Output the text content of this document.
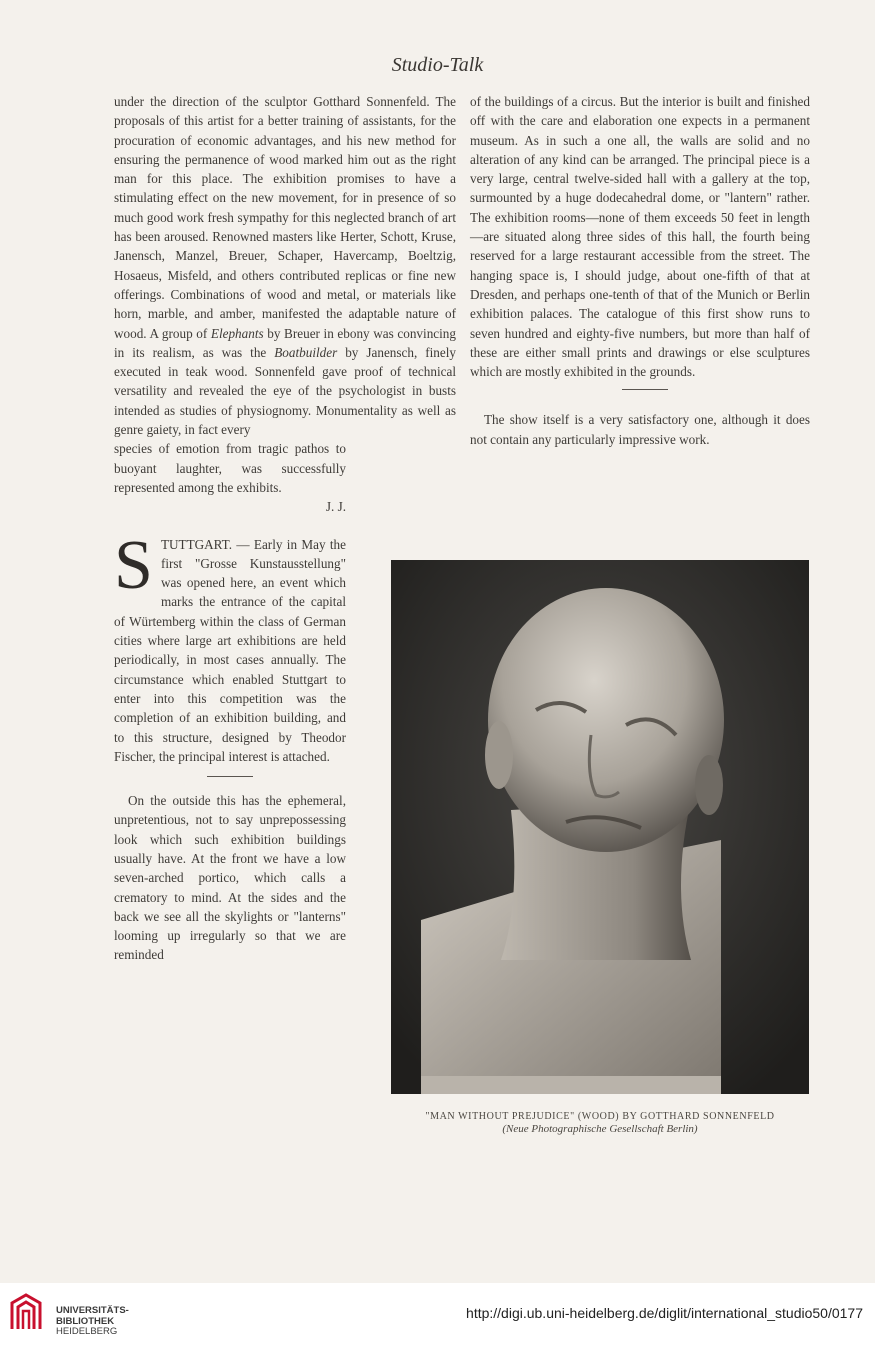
Studio-Talk

under the direction of the sculptor Gotthard Sonnenfeld. The proposals of this artist for a better training of assistants, for the procuration of economic advantages, and his new method for ensuring the permanence of wood marked him out as the right man for this place. The exhibition promises to have a stimulating effect on the new movement, for in presence of so much good work fresh sympathy for this neglected branch of art has been aroused. Renowned masters like Herter, Schott, Kruse, Janensch, Manzel, Breuer, Schaper, Havercamp, Boeltzig, Hosaeus, Misfeld, and others contributed replicas or fine new offerings. Combinations of wood and metal, or materials like horn, marble, and amber, manifested the adaptable nature of wood. A group of Elephants by Breuer in ebony was convincing in its realism, as was the Boatbuilder by Janensch, finely executed in teak wood. Sonnenfeld gave proof of technical versatility and revealed the eye of the psychologist in busts intended as studies of physiognomy. Monumentality as well as genre gaiety, in fact every

species of emotion from tragic pathos to buoyant laughter, was successfully represented among the exhibits.

J. J.

STUTTGART. — Early in May the first "Grosse Kunstausstellung" was opened here, an event which marks the entrance of the capital of Würtemberg within the class of German cities where large art exhibitions are held periodically, in most cases annually. The circumstance which enabled Stuttgart to enter into this competition was the completion of an exhibition building, and to this structure, designed by Theodor Fischer, the principal interest is attached.

On the outside this has the ephemeral, unpretentious, not to say unprepossessing look which such exhibition buildings usually have. At the front we have a low seven-arched portico, which calls a crematory to mind. At the sides and the back we see all the skylights or "lanterns" looming up irregularly so that we are reminded

of the buildings of a circus. But the interior is built and finished off with the care and elaboration one expects in a permanent museum. As in such a one all, the walls are solid and no alteration of any kind can be arranged. The principal piece is a very large, central twelve-sided hall with a gallery at the top, surmounted by a huge dodecahedral dome, or "lantern" rather. The exhibition rooms—none of them exceeds 50 feet in length—are situated along three sides of this hall, the fourth being reserved for a large restaurant accessible from the street. The hanging space is, I should judge, about one-fifth of that at Dresden, and perhaps one-tenth of that of the Munich or Berlin exhibition palaces. The catalogue of this first show runs to seven hundred and eighty-five numbers, but more than half of these are either small prints and drawings or else sculptures which are mostly exhibited in the grounds.

The show itself is a very satisfactory one, although it does not contain any particularly impressive work.

"MAN WITHOUT PREJUDICE" (WOOD) BY GOTTHARD SONNENFELD
(Neue Photographische Gesellschaft Berlin)
UNIVERSITÄTS-
BIBLIOTHEK
HEIDELBERG
http://digi.ub.uni-heidelberg.de/diglit/international_studio50/0177
